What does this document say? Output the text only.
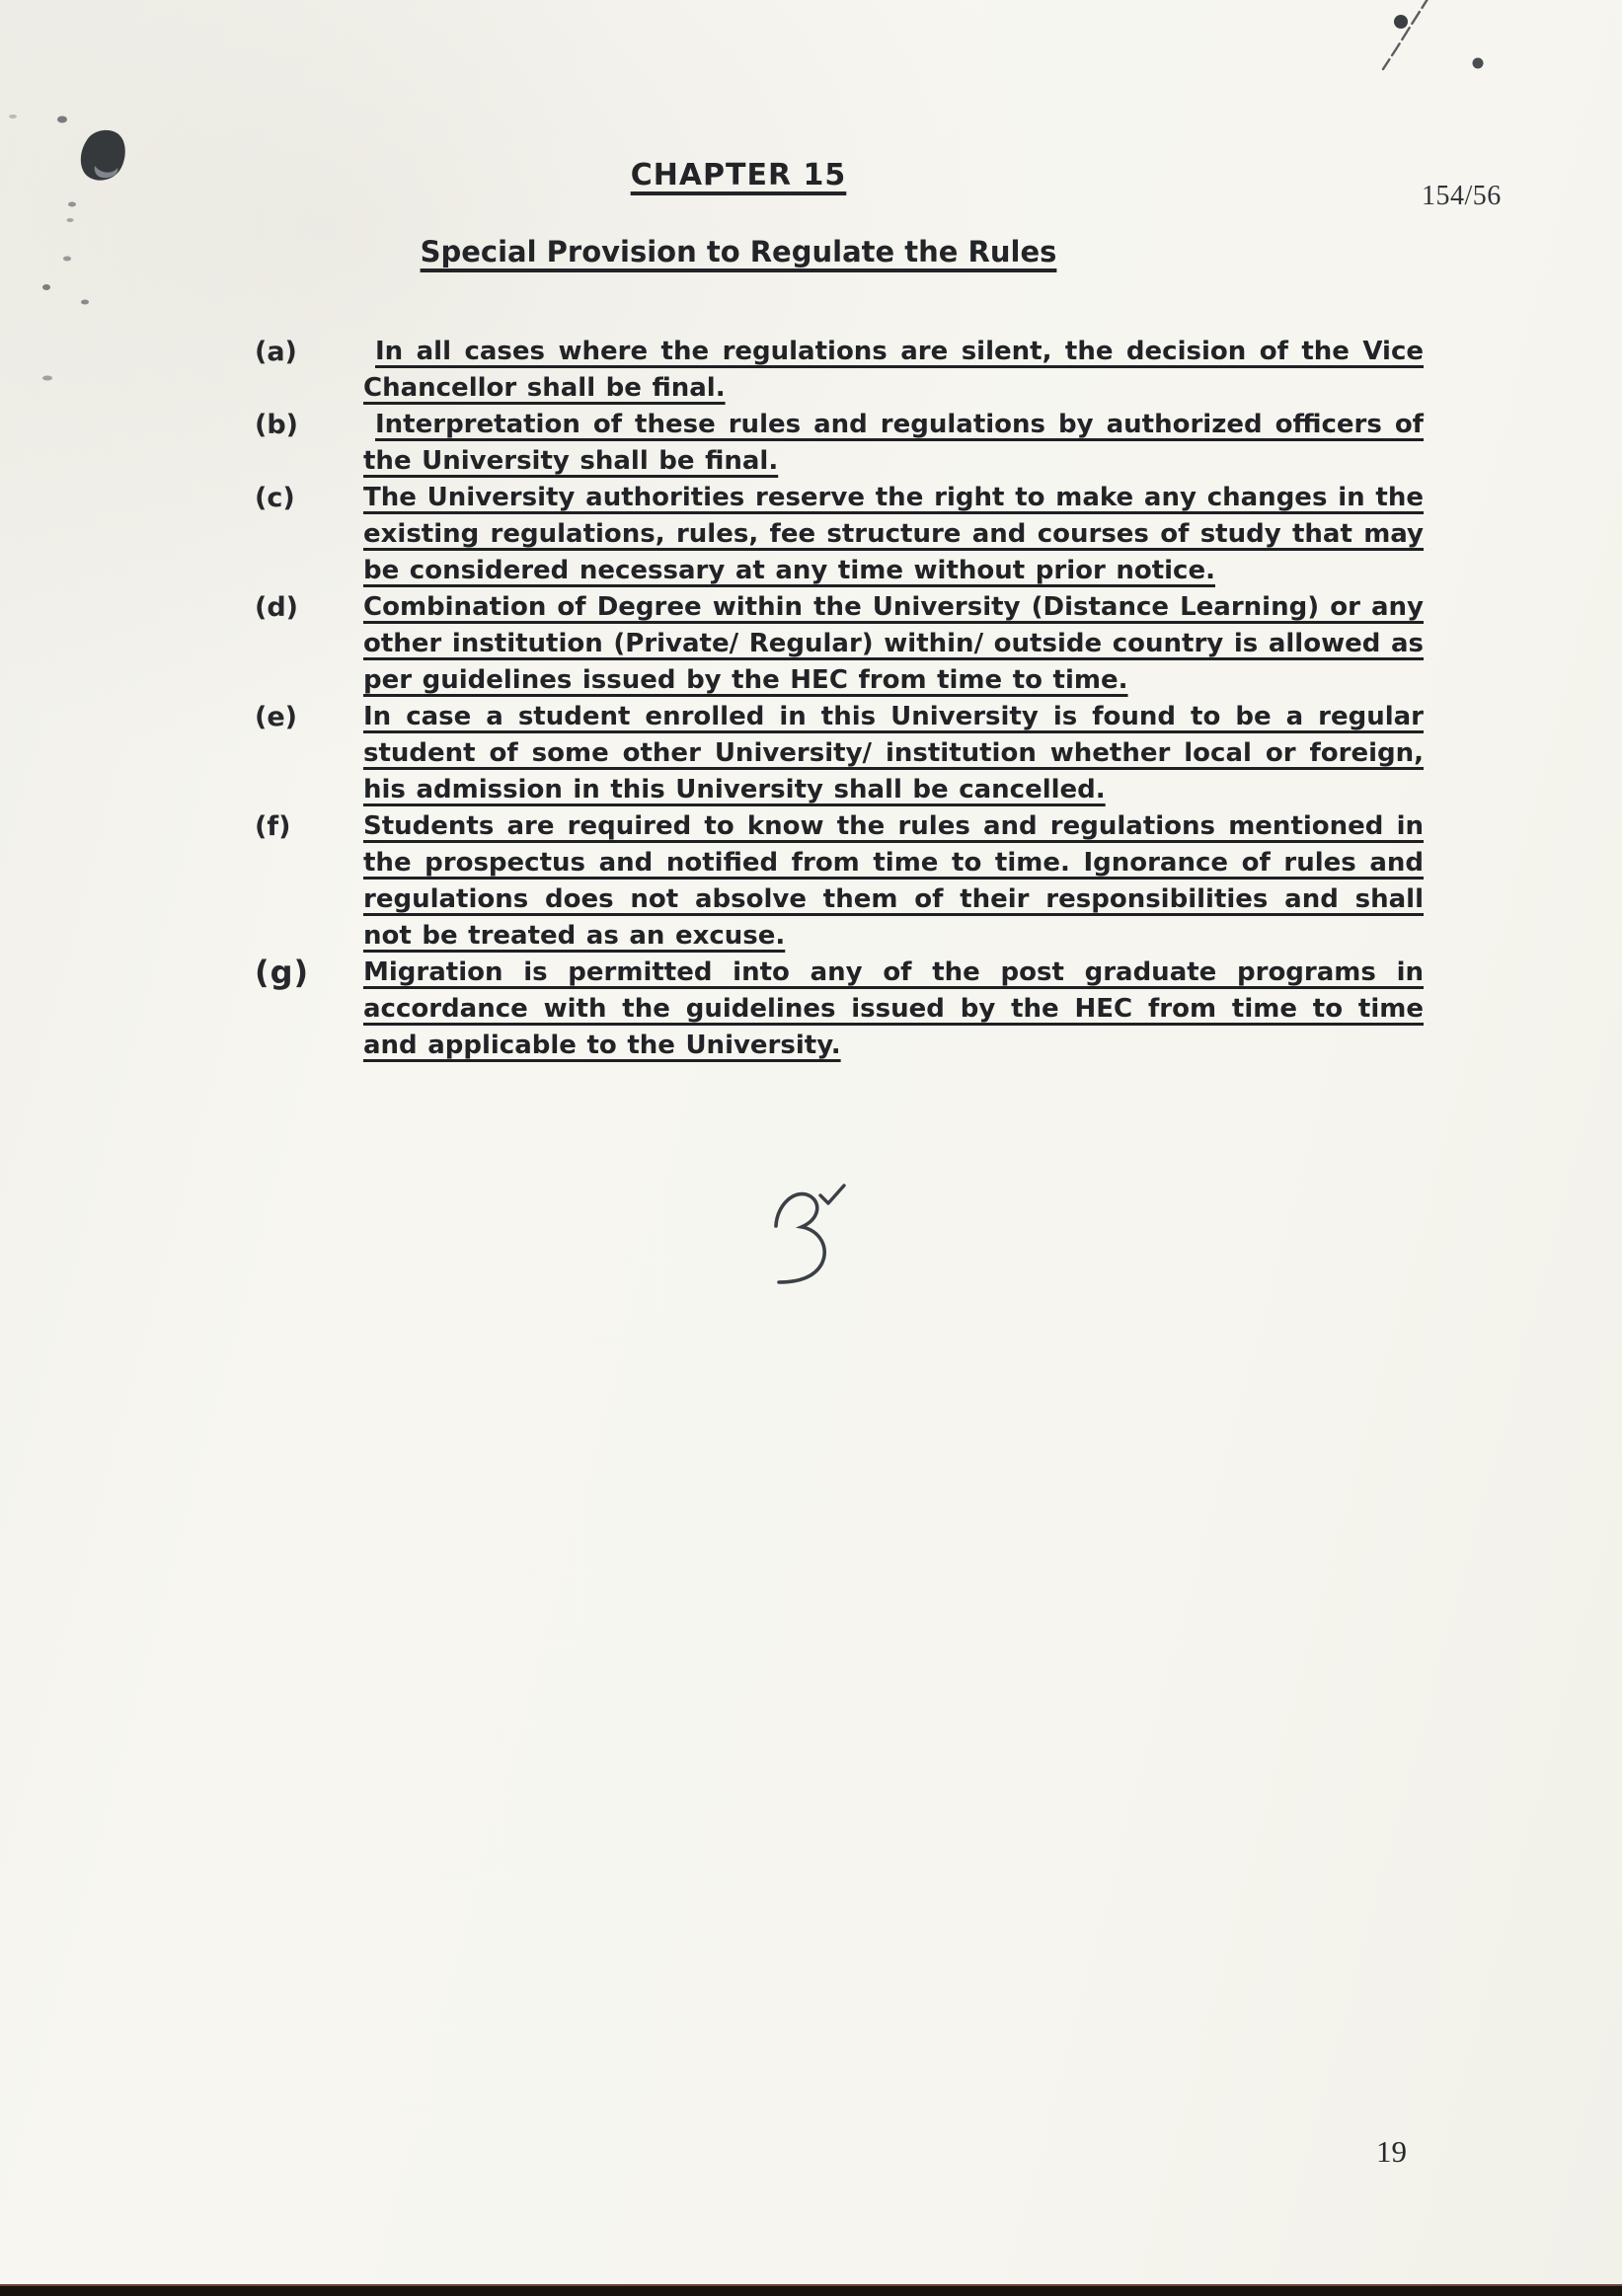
CHAPTER 15
154/56
Special Provision to Regulate the Rules
(a)	In all cases where the regulations are silent, the decision of the Vice Chancellor shall be final.
(b)	Interpretation of these rules and regulations by authorized officers of the University shall be final.
(c)	The University authorities reserve the right to make any changes in the existing regulations, rules, fee structure and courses of study that may be considered necessary at any time without prior notice.
(d)	Combination of Degree within the University (Distance Learning) or any other institution (Private/ Regular) within/ outside country is allowed as per guidelines issued by the HEC from time to time.
(e)	In case a student enrolled in this University is found to be a regular student of some other University/ institution whether local or foreign, his admission in this University shall be cancelled.
(f)	Students are required to know the rules and regulations mentioned in the prospectus and notified from time to time. Ignorance of rules and regulations does not absolve them of their responsibilities and shall not be treated as an excuse.
(g)	Migration is permitted into any of the post graduate programs in accordance with the guidelines issued by the HEC from time to time and applicable to the University.
19
